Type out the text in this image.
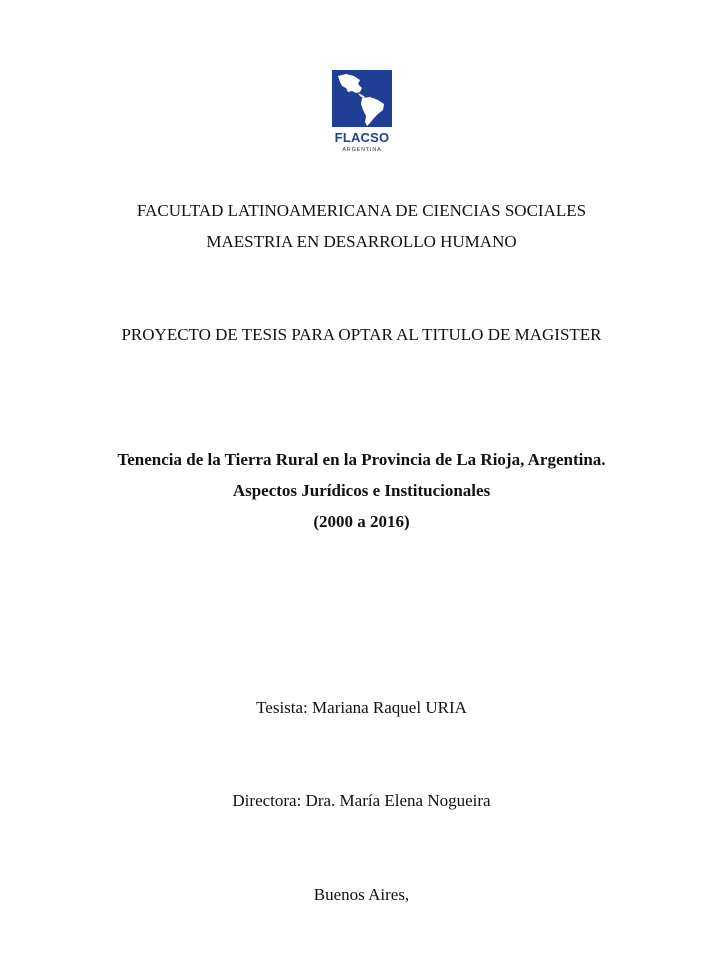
FLACSO
ARGENTINA
FACULTAD LATINOAMERICANA DE CIENCIAS SOCIALES
MAESTRIA EN DESARROLLO HUMANO
PROYECTO DE TESIS PARA OPTAR AL TITULO DE MAGISTER
Tenencia de la Tierra Rural en la Provincia de La Rioja, Argentina.
Aspectos Jurídicos e Institucionales
(2000 a 2016)
Tesista: Mariana Raquel URIA
Directora: Dra. María Elena Nogueira
Buenos Aires,
